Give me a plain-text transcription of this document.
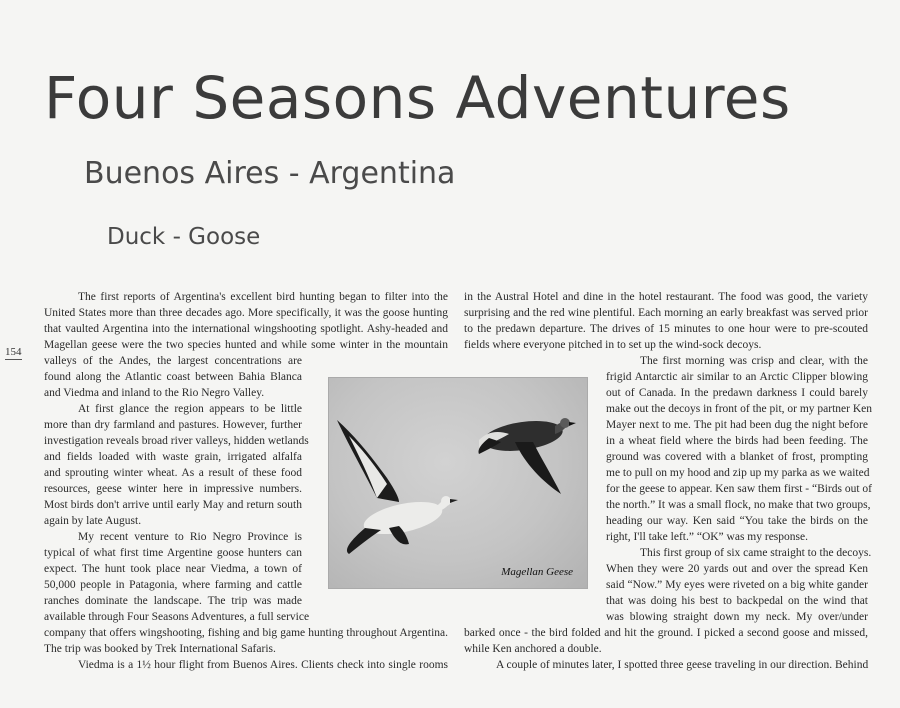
Four Seasons Adventures
Buenos Aires - Argentina
Duck - Goose
154

The first reports of Argentina's excellent bird hunting began to filter into the

United States more than three decades ago. More specifically, it was the goose hunting

that vaulted Argentina into the international wingshooting spotlight. Ashy-headed and

Magellan geese were the two species hunted and while some winter in the mountain

valleys of the Andes, the largest concentrations are

found along the Atlantic coast between Bahia Blanca

and Viedma and inland to the Rio Negro Valley.

At first glance the region appears to be little

more than dry farmland and pastures. However, further

investigation reveals broad river valleys, hidden wetlands

and fields loaded with waste grain, irrigated alfalfa

and sprouting winter wheat. As a result of these food

resources, geese winter here in impressive numbers.

Most birds don't arrive until early May and return south

again by late August.

My recent venture to Rio Negro Province is

typical of what first time Argentine goose hunters can

expect. The hunt took place near Viedma, a town of

50,000 people in Patagonia, where farming and cattle

ranches dominate the landscape. The trip was made

available through Four Seasons Adventures, a full service

company that offers wingshooting, fishing and big game hunting throughout Argentina.

The trip was booked by Trek International Safaris.

Viedma is a 1½ hour flight from Buenos Aires. Clients check into single rooms

in the Austral Hotel and dine in the hotel restaurant. The food was good, the variety

surprising and the red wine plentiful. Each morning an early breakfast was served prior

to the predawn departure. The drives of 15 minutes to one hour were to pre-scouted

fields where everyone pitched in to set up the wind-sock decoys.

The first morning was crisp and clear, with the

frigid Antarctic air similar to an Arctic Clipper blowing

out of Canada. In the predawn darkness I could barely

make out the decoys in front of the pit, or my partner Ken

Mayer next to me. The pit had been dug the night before

in a wheat field where the birds had been feeding. The

ground was covered with a blanket of frost, prompting

me to pull on my hood and zip up my parka as we waited

for the geese to appear. Ken saw them first - “Birds out of

the north.” It was a small flock, no make that two groups,

heading our way. Ken said “You take the birds on the

right, I'll take left.” “OK” was my response.

This first group of six came straight to the decoys.

When they were 20 yards out and over the spread Ken

said “Now.” My eyes were riveted on a big white gander

that was doing his best to backpedal on the wind that

was blowing straight down my neck. My over/under

barked once - the bird folded and hit the ground. I picked a second goose and missed,

while Ken anchored a double.

A couple of minutes later, I spotted three geese traveling in our direction. Behind

Magellan Geese
